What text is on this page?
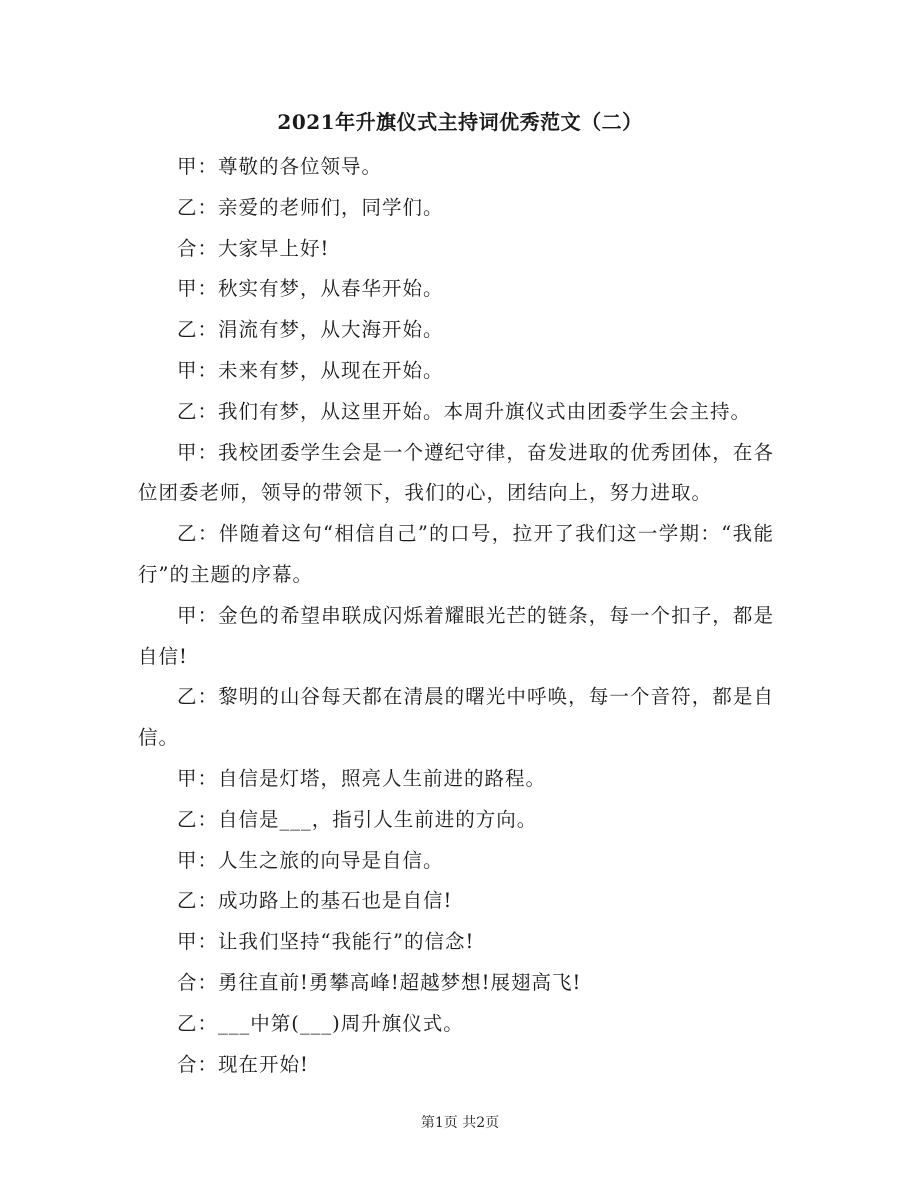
2021年升旗仪式主持词优秀范文（二）

甲：尊敬的各位领导。

乙：亲爱的老师们，同学们。

合：大家早上好!

甲：秋实有梦，从春华开始。

乙：涓流有梦，从大海开始。

甲：未来有梦，从现在开始。

乙：我们有梦，从这里开始。本周升旗仪式由团委学生会主持。

甲：我校团委学生会是一个遵纪守律，奋发进取的优秀团体，在各位团委老师，领导的带领下，我们的心，团结向上，努力进取。

乙：伴随着这句“相信自己”的口号，拉开了我们这一学期：“我能行”的主题的序幕。

甲：金色的希望串联成闪烁着耀眼光芒的链条，每一个扣子，都是自信!

乙：黎明的山谷每天都在清晨的曙光中呼唤，每一个音符，都是自信。

甲：自信是灯塔，照亮人生前进的路程。

乙：自信是___，指引人生前进的方向。

甲：人生之旅的向导是自信。

乙：成功路上的基石也是自信!

甲：让我们坚持“我能行”的信念!

合：勇往直前!勇攀高峰!超越梦想!展翅高飞!

乙：___中第(___)周升旗仪式。

合：现在开始!

第1页 共2页
